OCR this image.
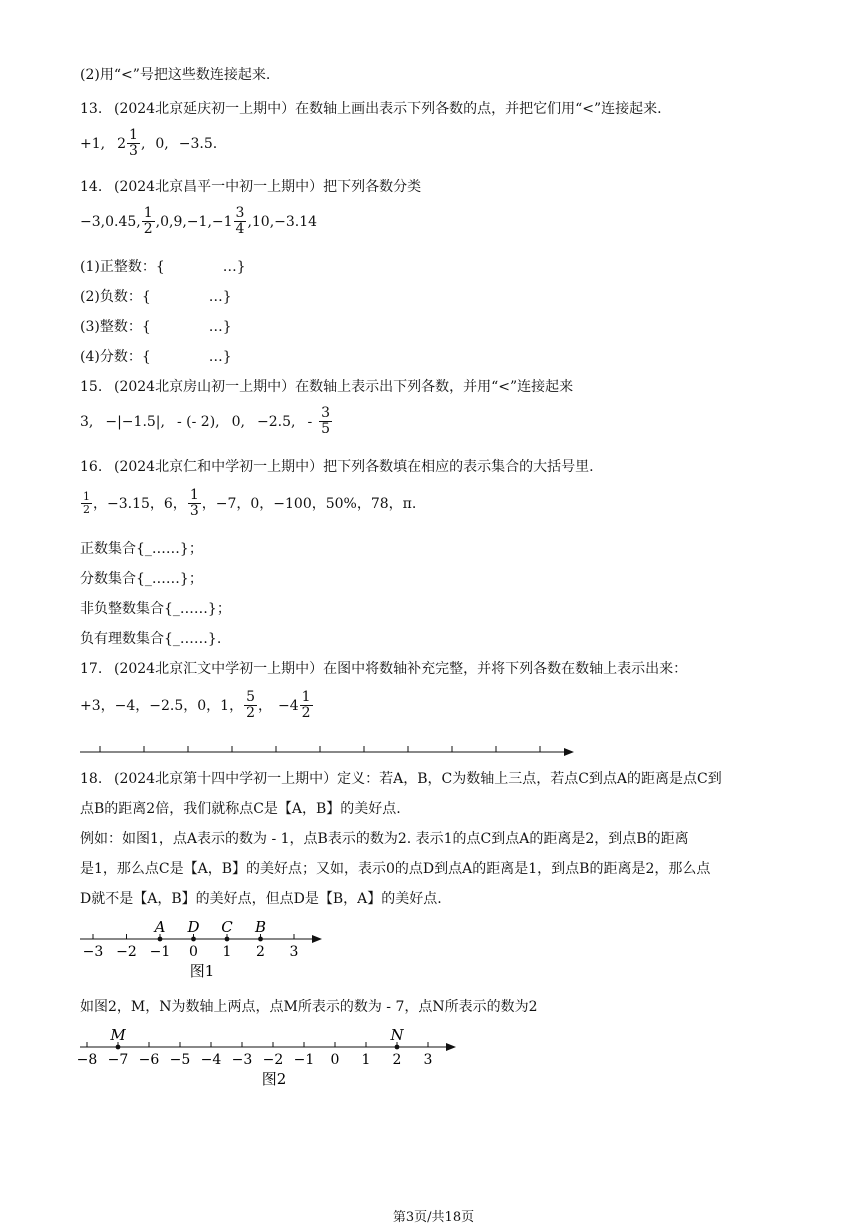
(2)用“<”号把这些数连接起来.
13. (2024北京延庆初一上期中）在数轴上画出表示下列各数的点，并把它们用“<”连接起来.
+1, $2 \frac{1}{3}$ , 0, −3.5.
14. (2024北京昌平一中初一上期中）把下列各数分类
−3,0.45, $\frac{1}{2} ,0,9,-1,-1 \frac{3}{4} ,10,-3.14$
(1)正整数：{	…}
(2)负数：{	…}
(3)整数：{	…}
(4)分数：{	…}
15. (2024北京房山初一上期中）在数轴上表示出下列各数，并用“<”连接起来
3, −|−1.5|, - (- 2), 0, −2.5, - $\frac{3}{5}$
16. (2024北京仁和中学初一上期中）把下列各数填在相应的表示集合的大括号里.
$\frac{1}{2}$ ，−3.15，6， $\frac{1}{3}$ ，−7，0，−100，50%，78，π.
正数集合{_……}；
分数集合{_……}；
非负整数集合{_……}；
负有理数集合{_……}.
17. (2024北京汇文中学初一上期中）在图中将数轴补充完整，并将下列各数在数轴上表示出来：
+3，−4，−2.5，0，1， $\frac{5}{2}$ ， $-4 \frac{1}{2}$
18. (2024北京第十四中学初一上期中）定义：若A，B，C为数轴上三点，若点C到点A的距离是点C到
点B的距离2倍，我们就称点C是【A，B】的美好点.
例如：如图1，点A表示的数为 - 1，点B表示的数为2. 表示1的点C到点A的距离是2，到点B的距离
是1，那么点C是【A，B】的美好点；又如，表示0的点D到点A的距离是1，到点B的距离是2，那么点
D就不是【A，B】的美好点，但点D是【B，A】的美好点.
−3 −2 −1 0 1 2 3
A D C B
图1
如图2，M，N为数轴上两点，点M所表示的数为 - 7，点N所表示的数为2
−8 −7 −6 −5 −4 −3 −2 −1 0 1 2 3
M	N
图2
第3页/共18页
